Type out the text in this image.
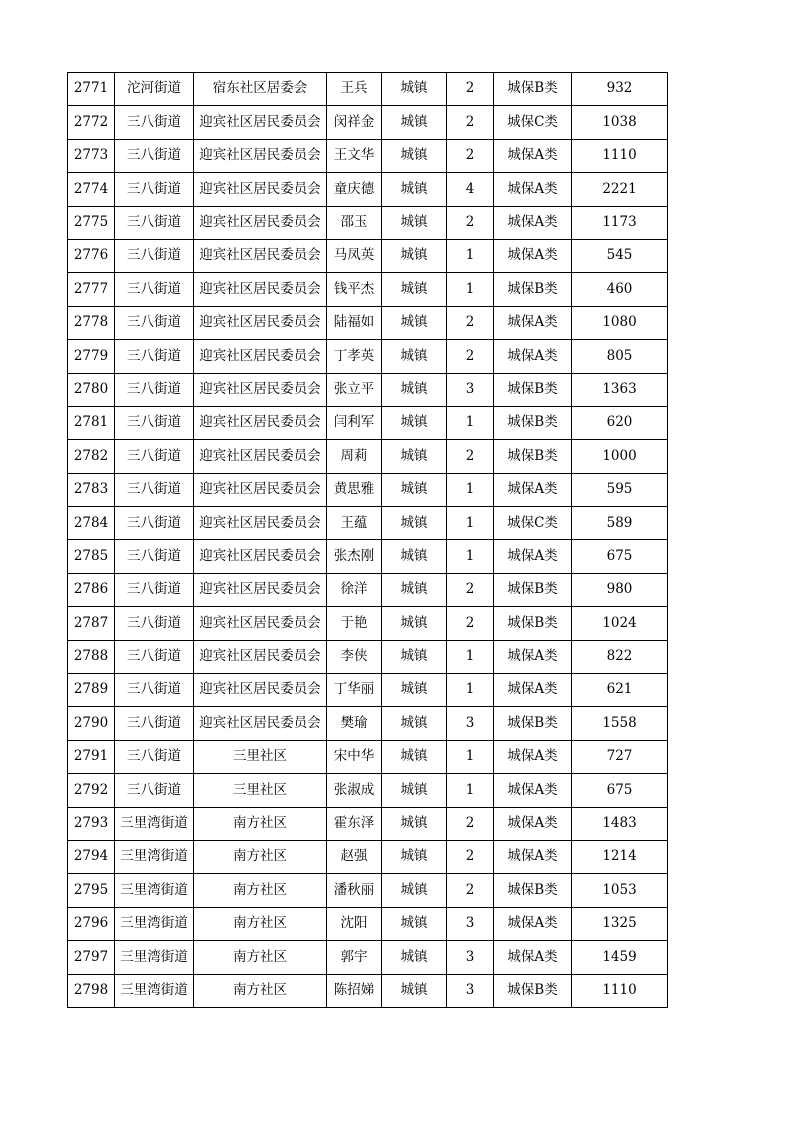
2771	沱河街道	宿东社区居委会	王兵	城镇	2	城保B类	932
2772	三八街道	迎宾社区居民委员会	闵祥金	城镇	2	城保C类	1038
2773	三八街道	迎宾社区居民委员会	王文华	城镇	2	城保A类	1110
2774	三八街道	迎宾社区居民委员会	童庆德	城镇	4	城保A类	2221
2775	三八街道	迎宾社区居民委员会	邵玉	城镇	2	城保A类	1173
2776	三八街道	迎宾社区居民委员会	马凤英	城镇	1	城保A类	545
2777	三八街道	迎宾社区居民委员会	钱平杰	城镇	1	城保B类	460
2778	三八街道	迎宾社区居民委员会	陆福如	城镇	2	城保A类	1080
2779	三八街道	迎宾社区居民委员会	丁孝英	城镇	2	城保A类	805
2780	三八街道	迎宾社区居民委员会	张立平	城镇	3	城保B类	1363
2781	三八街道	迎宾社区居民委员会	闫利军	城镇	1	城保B类	620
2782	三八街道	迎宾社区居民委员会	周莉	城镇	2	城保B类	1000
2783	三八街道	迎宾社区居民委员会	黄思雅	城镇	1	城保A类	595
2784	三八街道	迎宾社区居民委员会	王蕴	城镇	1	城保C类	589
2785	三八街道	迎宾社区居民委员会	张杰刚	城镇	1	城保A类	675
2786	三八街道	迎宾社区居民委员会	徐洋	城镇	2	城保B类	980
2787	三八街道	迎宾社区居民委员会	于艳	城镇	2	城保B类	1024
2788	三八街道	迎宾社区居民委员会	李侠	城镇	1	城保A类	822
2789	三八街道	迎宾社区居民委员会	丁华丽	城镇	1	城保A类	621
2790	三八街道	迎宾社区居民委员会	樊瑜	城镇	3	城保B类	1558
2791	三八街道	三里社区	宋中华	城镇	1	城保A类	727
2792	三八街道	三里社区	张淑成	城镇	1	城保A类	675
2793	三里湾街道	南方社区	霍东泽	城镇	2	城保A类	1483
2794	三里湾街道	南方社区	赵强	城镇	2	城保A类	1214
2795	三里湾街道	南方社区	潘秋丽	城镇	2	城保B类	1053
2796	三里湾街道	南方社区	沈阳	城镇	3	城保A类	1325
2797	三里湾街道	南方社区	郭宇	城镇	3	城保A类	1459
2798	三里湾街道	南方社区	陈招娣	城镇	3	城保B类	1110
